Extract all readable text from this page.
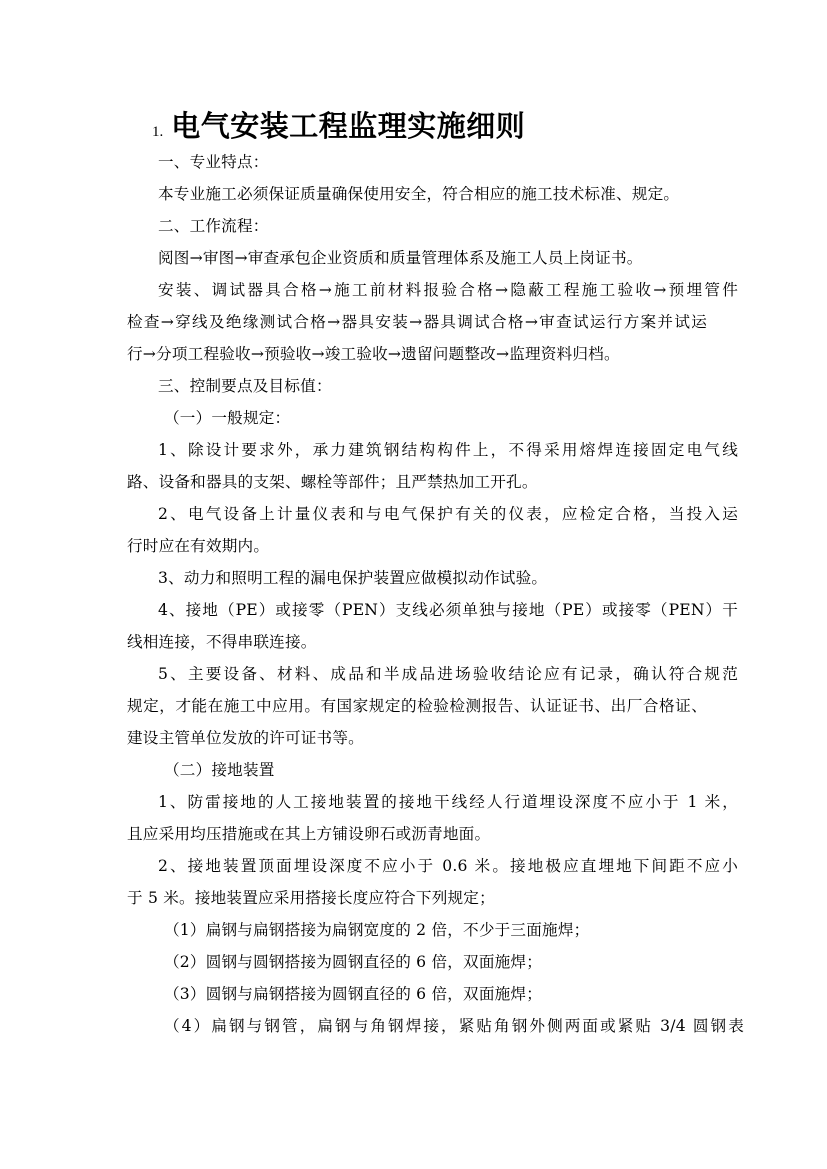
1. 电气安装工程监理实施细则
一、专业特点：
本专业施工必须保证质量确保使用安全，符合相应的施工技术标准、规定。
二、工作流程：
阅图→审图→审查承包企业资质和质量管理体系及施工人员上岗证书。
安装、调试器具合格→施工前材料报验合格→隐蔽工程施工验收→预埋管件
检查→穿线及绝缘测试合格→器具安装→器具调试合格→审查试运行方案并试运
行→分项工程验收→预验收→竣工验收→遗留问题整改→监理资料归档。
三、控制要点及目标值：
（一）一般规定：
1、除设计要求外，承力建筑钢结构构件上，不得采用熔焊连接固定电气线
路、设备和器具的支架、螺栓等部件；且严禁热加工开孔。
2、电气设备上计量仪表和与电气保护有关的仪表，应检定合格，当投入运
行时应在有效期内。
3、动力和照明工程的漏电保护装置应做模拟动作试验。
4、接地（PE）或接零（PEN）支线必须单独与接地（PE）或接零（PEN）干
线相连接，不得串联连接。
5、主要设备、材料、成品和半成品进场验收结论应有记录，确认符合规范
规定，才能在施工中应用。有国家规定的检验检测报告、认证证书、出厂合格证、
建设主管单位发放的许可证书等。
（二）接地装置
1、防雷接地的人工接地装置的接地干线经人行道埋设深度不应小于 1 米，
且应采用均压措施或在其上方铺设卵石或沥青地面。
2、接地装置顶面埋设深度不应小于 0.6 米。接地极应直埋地下间距不应小
于 5 米。接地装置应采用搭接长度应符合下列规定；
（1）扁钢与扁钢搭接为扁钢宽度的 2 倍，不少于三面施焊；
（2）圆钢与圆钢搭接为圆钢直径的 6 倍，双面施焊；
（3）圆钢与扁钢搭接为圆钢直径的 6 倍，双面施焊；
（4）扁钢与钢管，扁钢与角钢焊接，紧贴角钢外侧两面或紧贴 3/4 圆钢表
